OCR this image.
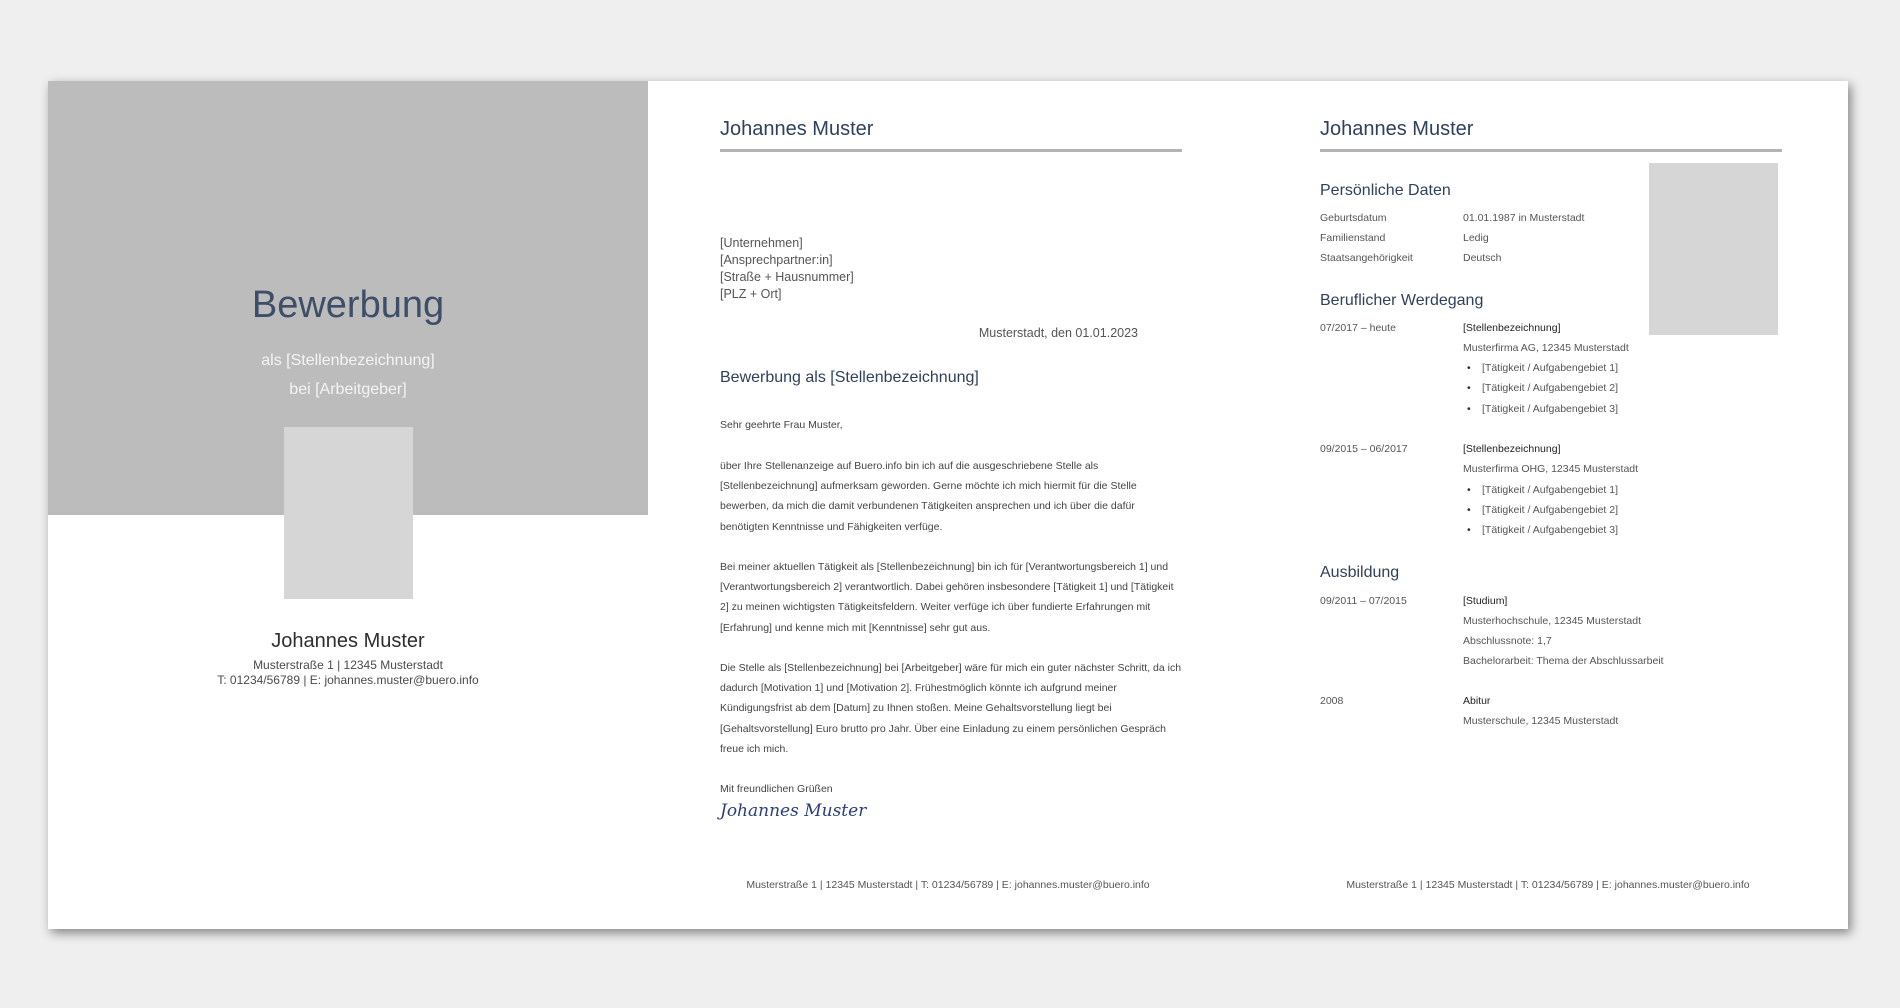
Bewerbung
als [Stellenbezeichnung]
bei [Arbeitgeber]
Johannes Muster
Musterstraße 1 | 12345 Musterstadt
T: 01234/56789 | E: johannes.muster@buero.info
Johannes Muster
[Unternehmen]
[Ansprechpartner:in]
[Straße + Hausnummer]
[PLZ + Ort]
Musterstadt, den 01.01.2023
Bewerbung als [Stellenbezeichnung]
Sehr geehrte Frau Muster,
über Ihre Stellenanzeige auf Buero.info bin ich auf die ausgeschriebene Stelle als [Stellenbezeichnung] aufmerksam geworden. Gerne möchte ich mich hiermit für die Stelle bewerben, da mich die damit verbundenen Tätigkeiten ansprechen und ich über die dafür benötigten Kenntnisse und Fähigkeiten verfüge.
Bei meiner aktuellen Tätigkeit als [Stellenbezeichnung] bin ich für [Verantwortungsbereich 1] und [Verantwortungsbereich 2] verantwortlich. Dabei gehören insbesondere [Tätigkeit 1] und [Tätigkeit 2] zu meinen wichtigsten Tätigkeitsfeldern. Weiter verfüge ich über fundierte Erfahrungen mit [Erfahrung] und kenne mich mit [Kenntnisse] sehr gut aus.
Die Stelle als [Stellenbezeichnung] bei [Arbeitgeber] wäre für mich ein guter nächster Schritt, da ich dadurch [Motivation 1] und [Motivation 2]. Frühestmöglich könnte ich aufgrund meiner Kündigungsfrist ab dem [Datum] zu Ihnen stoßen. Meine Gehaltsvorstellung liegt bei [Gehaltsvorstellung] Euro brutto pro Jahr. Über eine Einladung zu einem persönlichen Gespräch freue ich mich.
Mit freundlichen Grüßen
Johannes Muster
Musterstraße 1 | 12345 Musterstadt | T: 01234/56789 | E: johannes.muster@buero.info
Johannes Muster
Persönliche Daten
Geburtsdatum	01.01.1987 in Musterstadt
Familienstand	Ledig
Staatsangehörigkeit	Deutsch
Beruflicher Werdegang
07/2017 – heute	[Stellenbezeichnung]
Musterfirma AG, 12345 Musterstadt
• [Tätigkeit / Aufgabengebiet 1]
• [Tätigkeit / Aufgabengebiet 2]
• [Tätigkeit / Aufgabengebiet 3]
09/2015 – 06/2017	[Stellenbezeichnung]
Musterfirma OHG, 12345 Musterstadt
• [Tätigkeit / Aufgabengebiet 1]
• [Tätigkeit / Aufgabengebiet 2]
• [Tätigkeit / Aufgabengebiet 3]
Ausbildung
09/2011 – 07/2015	[Studium]
Musterhochschule, 12345 Musterstadt
Abschlussnote: 1,7
Bachelorarbeit: Thema der Abschlussarbeit
2008	Abitur
Musterschule, 12345 Musterstadt
Musterstraße 1 | 12345 Musterstadt | T: 01234/56789 | E: johannes.muster@buero.info
